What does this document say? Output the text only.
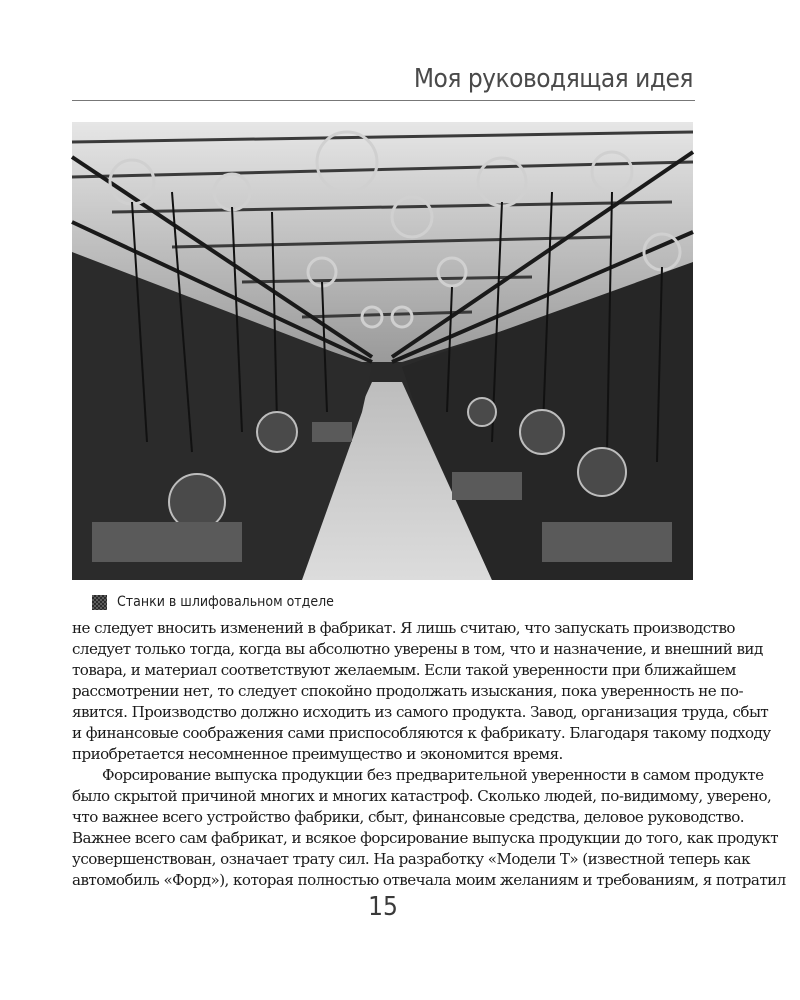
Моя руководящая идея
Станки в шлифовальном отделе
не следует вносить изменений в фабрикат. Я лишь считаю, что запускать производство
следует только тогда, когда вы абсолютно уверены в том, что и назначение, и внешний вид
товара, и материал соответствуют желаемым. Если такой уверенности при ближайшем
рассмотрении нет, то следует спокойно продолжать изыскания, пока уверенность не по-
явится. Производство должно исходить из самого продукта. Завод, организация труда, сбыт
и финансовые соображения сами приспособляются к фабрикату. Благодаря такому подходу
приобретается несомненное преимущество и экономится время.
Форсирование выпуска продукции без предварительной уверенности в самом продукте
было скрытой причиной многих и многих катастроф. Сколько людей, по-видимому, уверено,
что важнее всего устройство фабрики, сбыт, финансовые средства, деловое руководство.
Важнее всего сам фабрикат, и всякое форсирование выпуска продукции до того, как продукт
усовершенствован, означает трату сил. На разработку «Модели Т» (известной теперь как
автомобиль «Форд»), которая полностью отвечала моим желаниям и требованиям, я потратил
15
